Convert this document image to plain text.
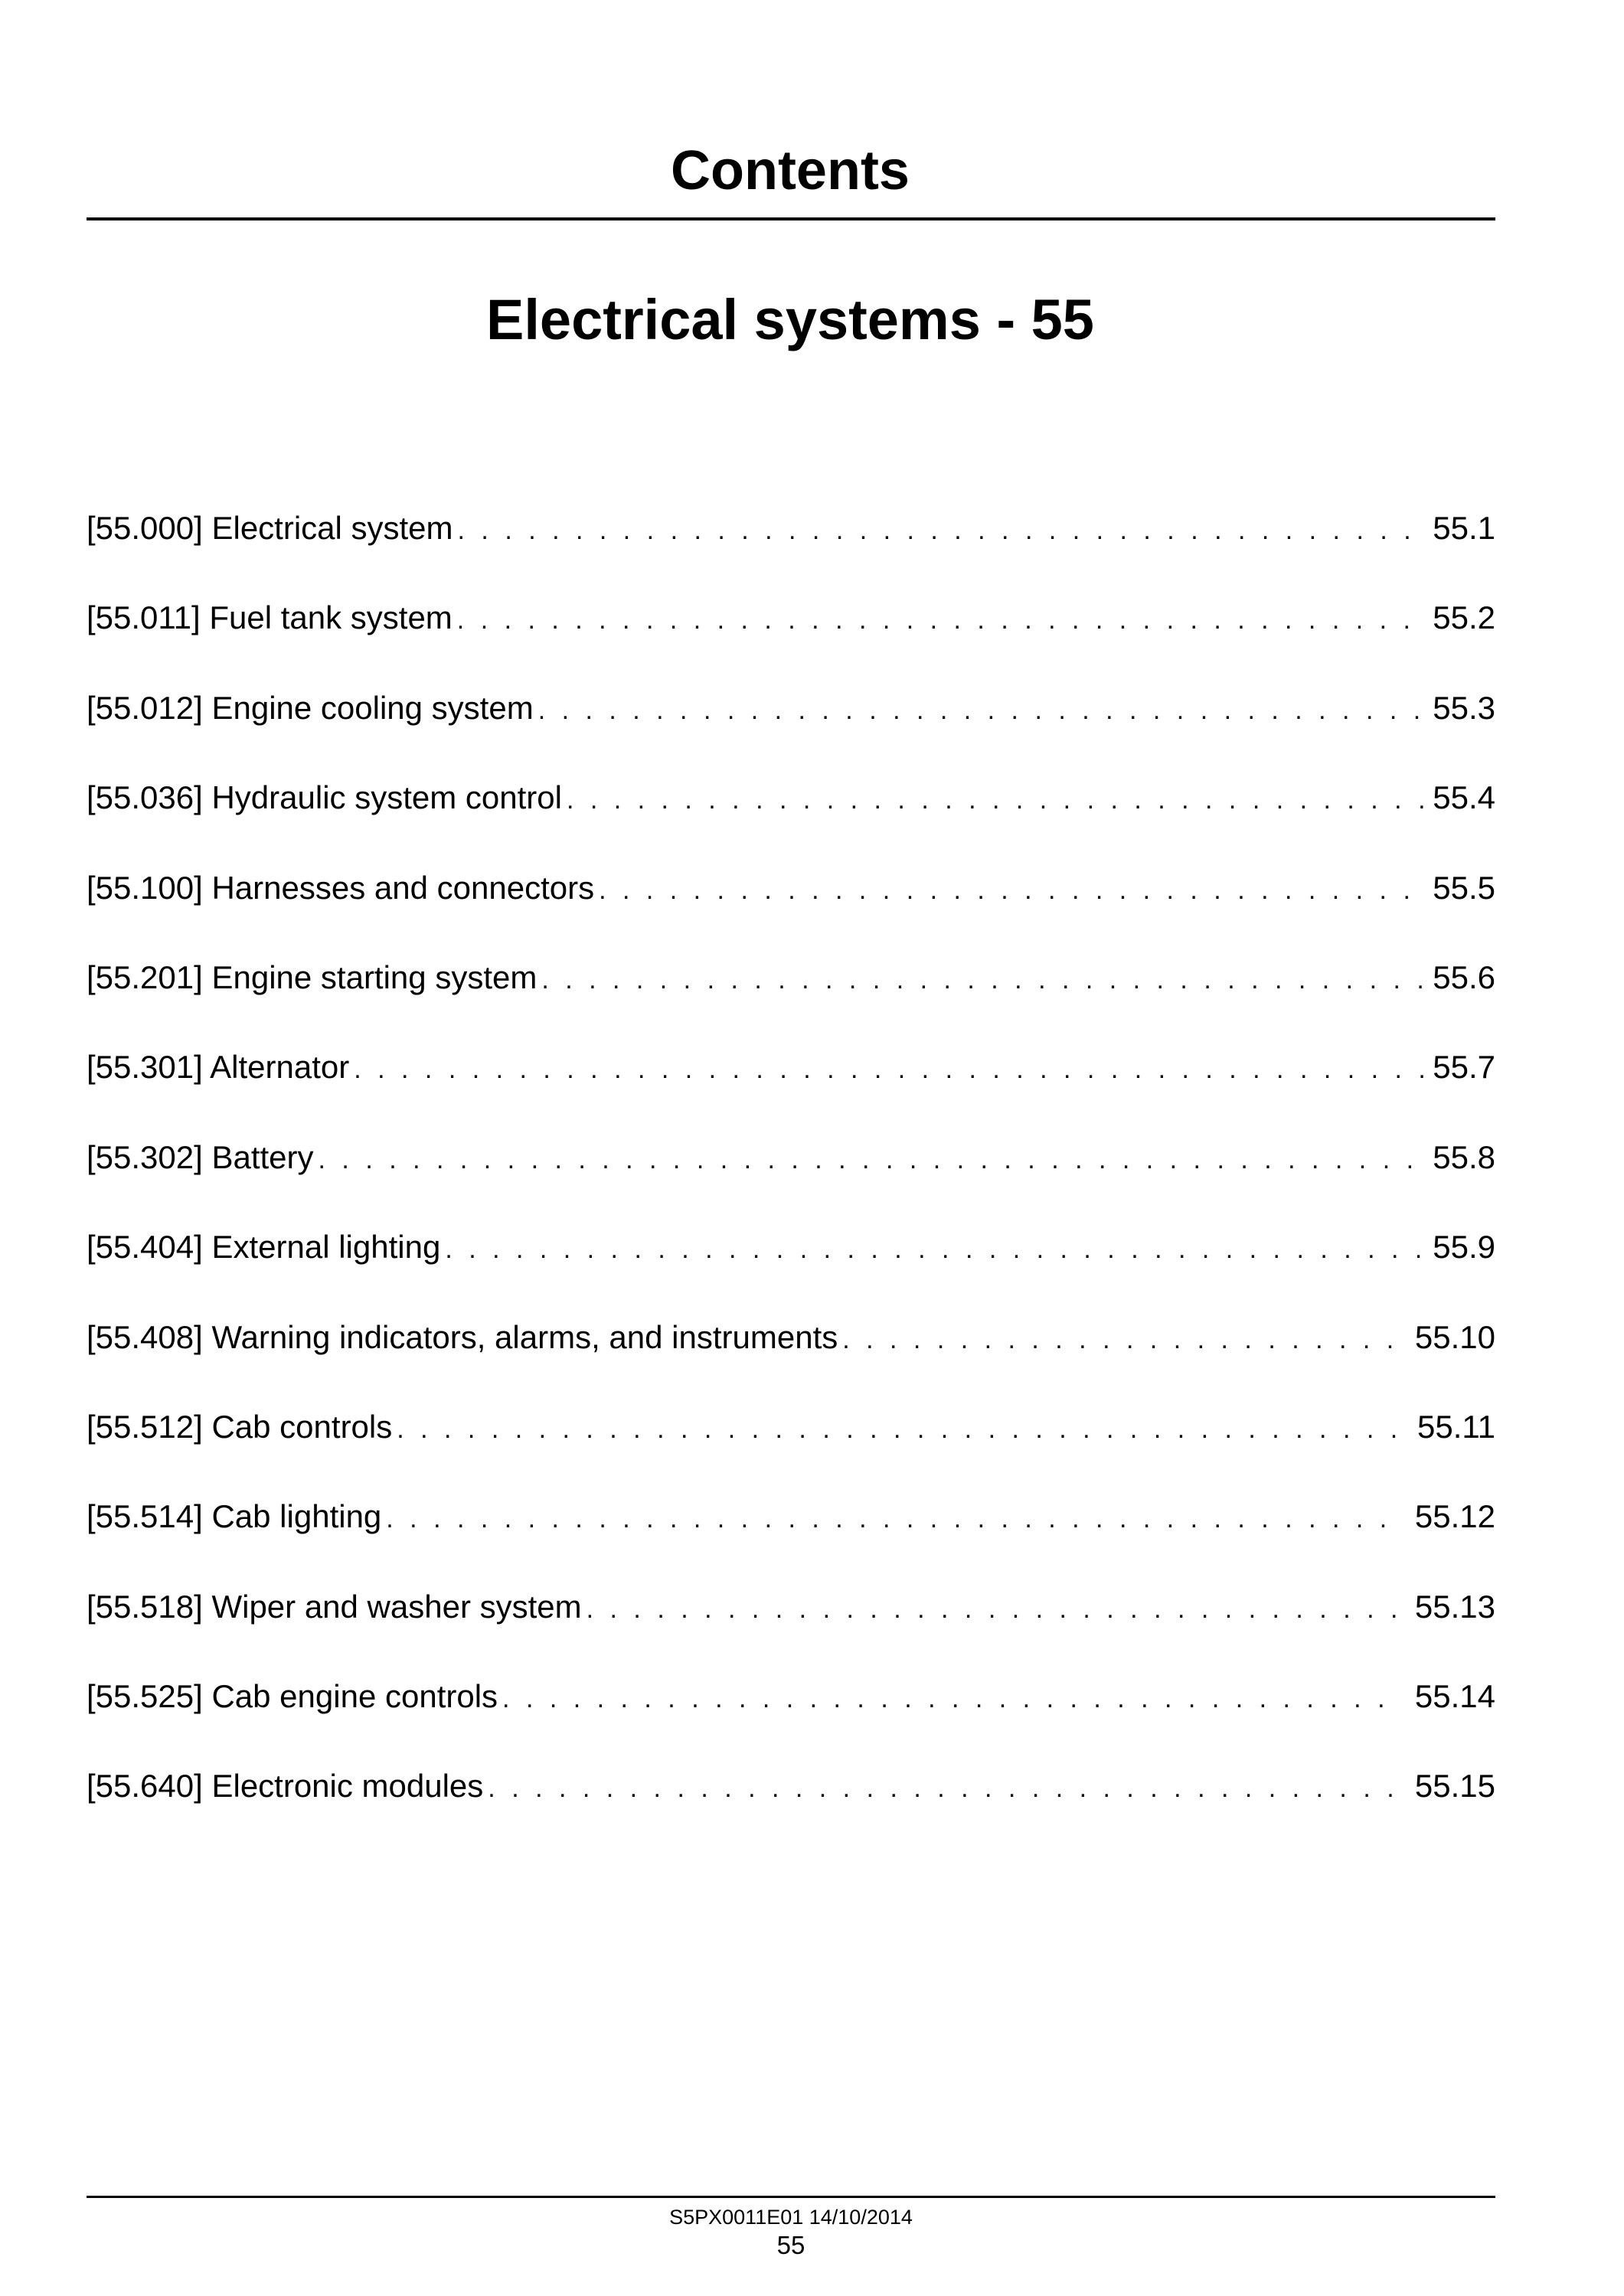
Contents
Electrical systems - 55
[55.000] Electrical system . . .	55.1
[55.011] Fuel tank system . . .	55.2
[55.012] Engine cooling system . . .	55.3
[55.036] Hydraulic system control . . .	55.4
[55.100] Harnesses and connectors . . .	55.5
[55.201] Engine starting system . . .	55.6
[55.301] Alternator . . .	55.7
[55.302] Battery . . .	55.8
[55.404] External lighting . . .	55.9
[55.408] Warning indicators, alarms, and instruments . . .	55.10
[55.512] Cab controls . . .	55.11
[55.514] Cab lighting . . .	55.12
[55.518] Wiper and washer system . . .	55.13
[55.525] Cab engine controls . . .	55.14
[55.640] Electronic modules . . .	55.15
S5PX0011E01 14/10/2014
55
